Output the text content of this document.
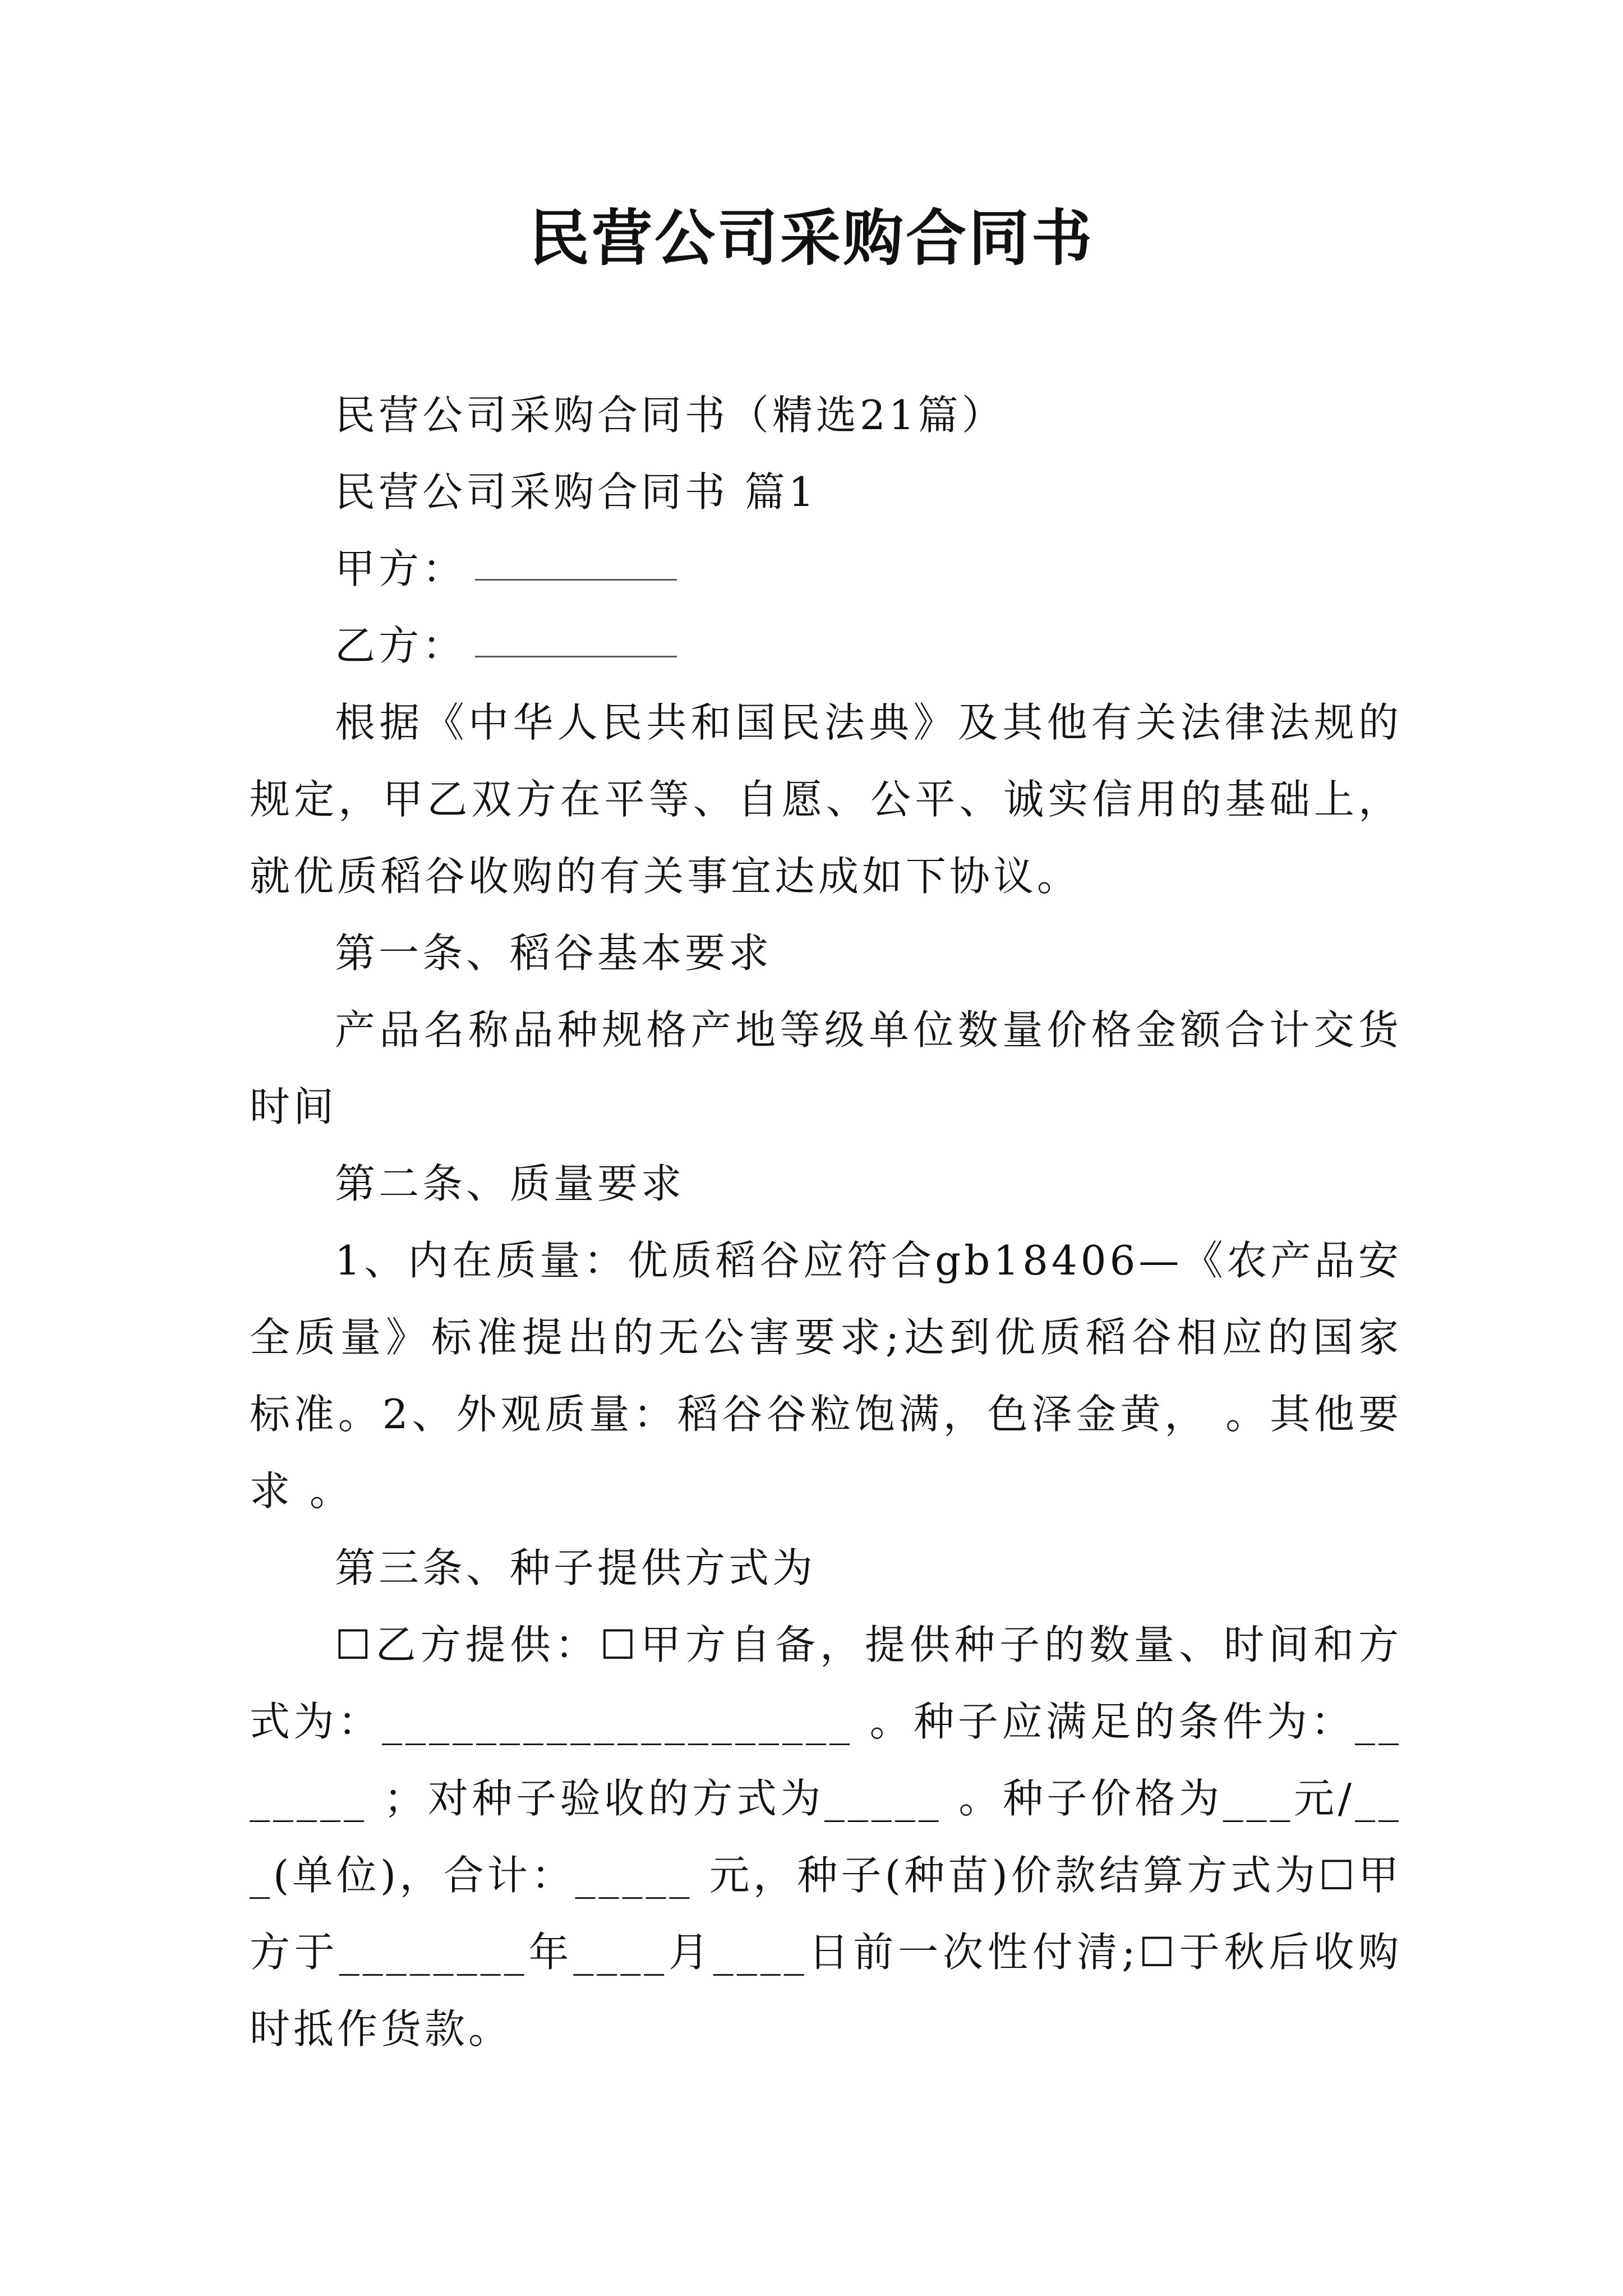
民营公司采购合同书

民营公司采购合同书（精选21篇）

民营公司采购合同书 篇1

甲方：

乙方：

根据《中华人民共和国民法典》及其他有关法律法规的规定，甲乙双方在平等、自愿、公平、诚实信用的基础上，就优质稻谷收购的有关事宜达成如下协议。

第一条、稻谷基本要求

产品名称品种规格产地等级单位数量价格金额合计交货时间

第二条、质量要求

1、内在质量：优质稻谷应符合gb18406—《农产品安全质量》标准提出的无公害要求;达到优质稻谷相应的国家标准。2、外观质量：稻谷谷粒饱满，色泽金黄， 。其他要求 。

第三条、种子提供方式为

☐乙方提供：☐甲方自备，提供种子的数量、时间和方式为：____________________ 。种子应满足的条件为：_______ ；对种子验收的方式为_____ 。种子价格为___元/___(单位)，合计：_____ 元，种子(种苗)价款结算方式为☐甲方于________年____月____日前一次性付清;☐于秋后收购时抵作货款。
